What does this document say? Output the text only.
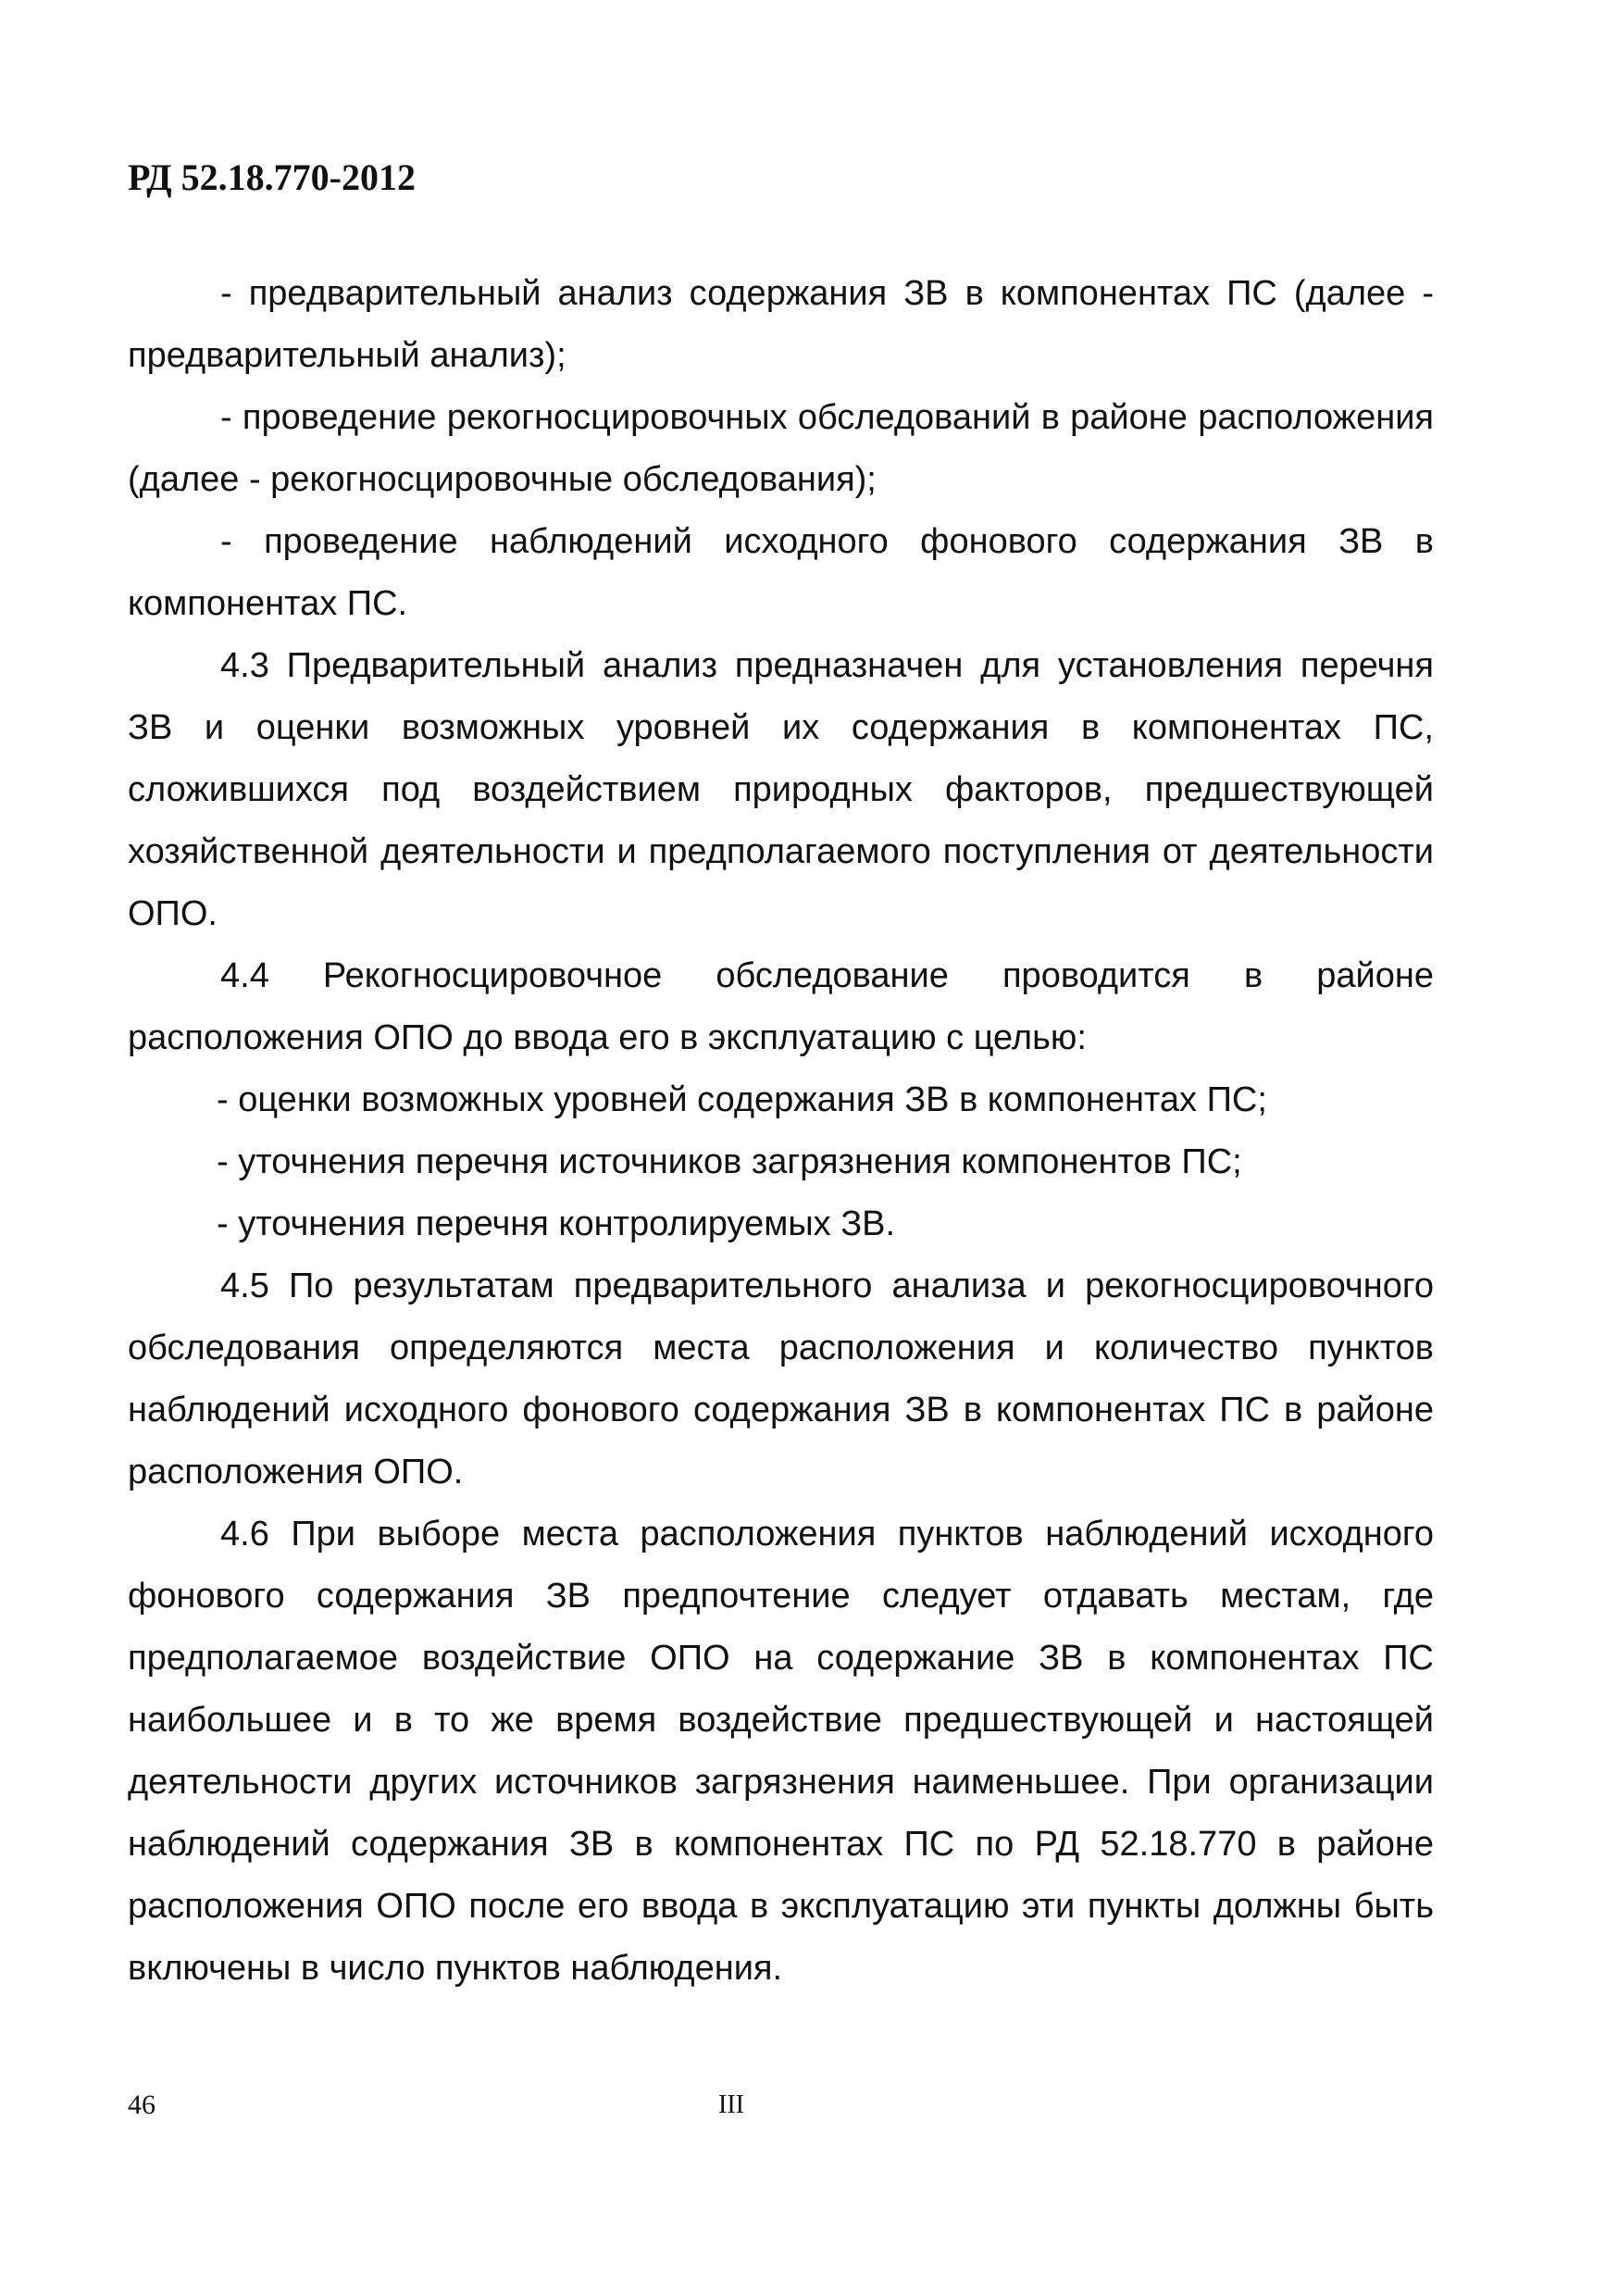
РД 52.18.770-2012

- предварительный анализ содержания ЗВ в компонентах ПС (далее - предварительный анализ);

- проведение рекогносцировочных обследований в районе расположения (далее - рекогносцировочные обследования);

- проведение наблюдений исходного фонового содержания ЗВ в компонентах ПС.

4.3 Предварительный анализ предназначен для установления перечня ЗВ и оценки возможных уровней их содержания в компонентах ПС, сложившихся под воздействием природных факторов, предшествующей хозяйственной деятельности и предполагаемого поступления от деятельности ОПО.

4.4 Рекогносцировочное обследование проводится в районе расположения ОПО до ввода его в эксплуатацию с целью:

- оценки возможных уровней содержания ЗВ в компонентах ПС;

- уточнения перечня источников загрязнения компонентов ПС;

- уточнения перечня контролируемых ЗВ.

4.5 По результатам предварительного анализа и рекогносцировочного обследования определяются места расположения и количество пунктов наблюдений исходного фонового содержания ЗВ в компонентах ПС в районе расположения ОПО.

4.6 При выборе места расположения пунктов наблюдений исходного фонового содержания ЗВ предпочтение следует отдавать местам, где предполагаемое воздействие ОПО на содержание ЗВ в компонентах ПС наибольшее и в то же время воздействие предшествующей и настоящей деятельности других источников загрязнения наименьшее. При организации наблюдений содержания ЗВ в компонентах ПС по РД 52.18.770 в районе расположения ОПО после его ввода в эксплуатацию эти пункты должны быть включены в число пунктов наблюдения.

46	III
